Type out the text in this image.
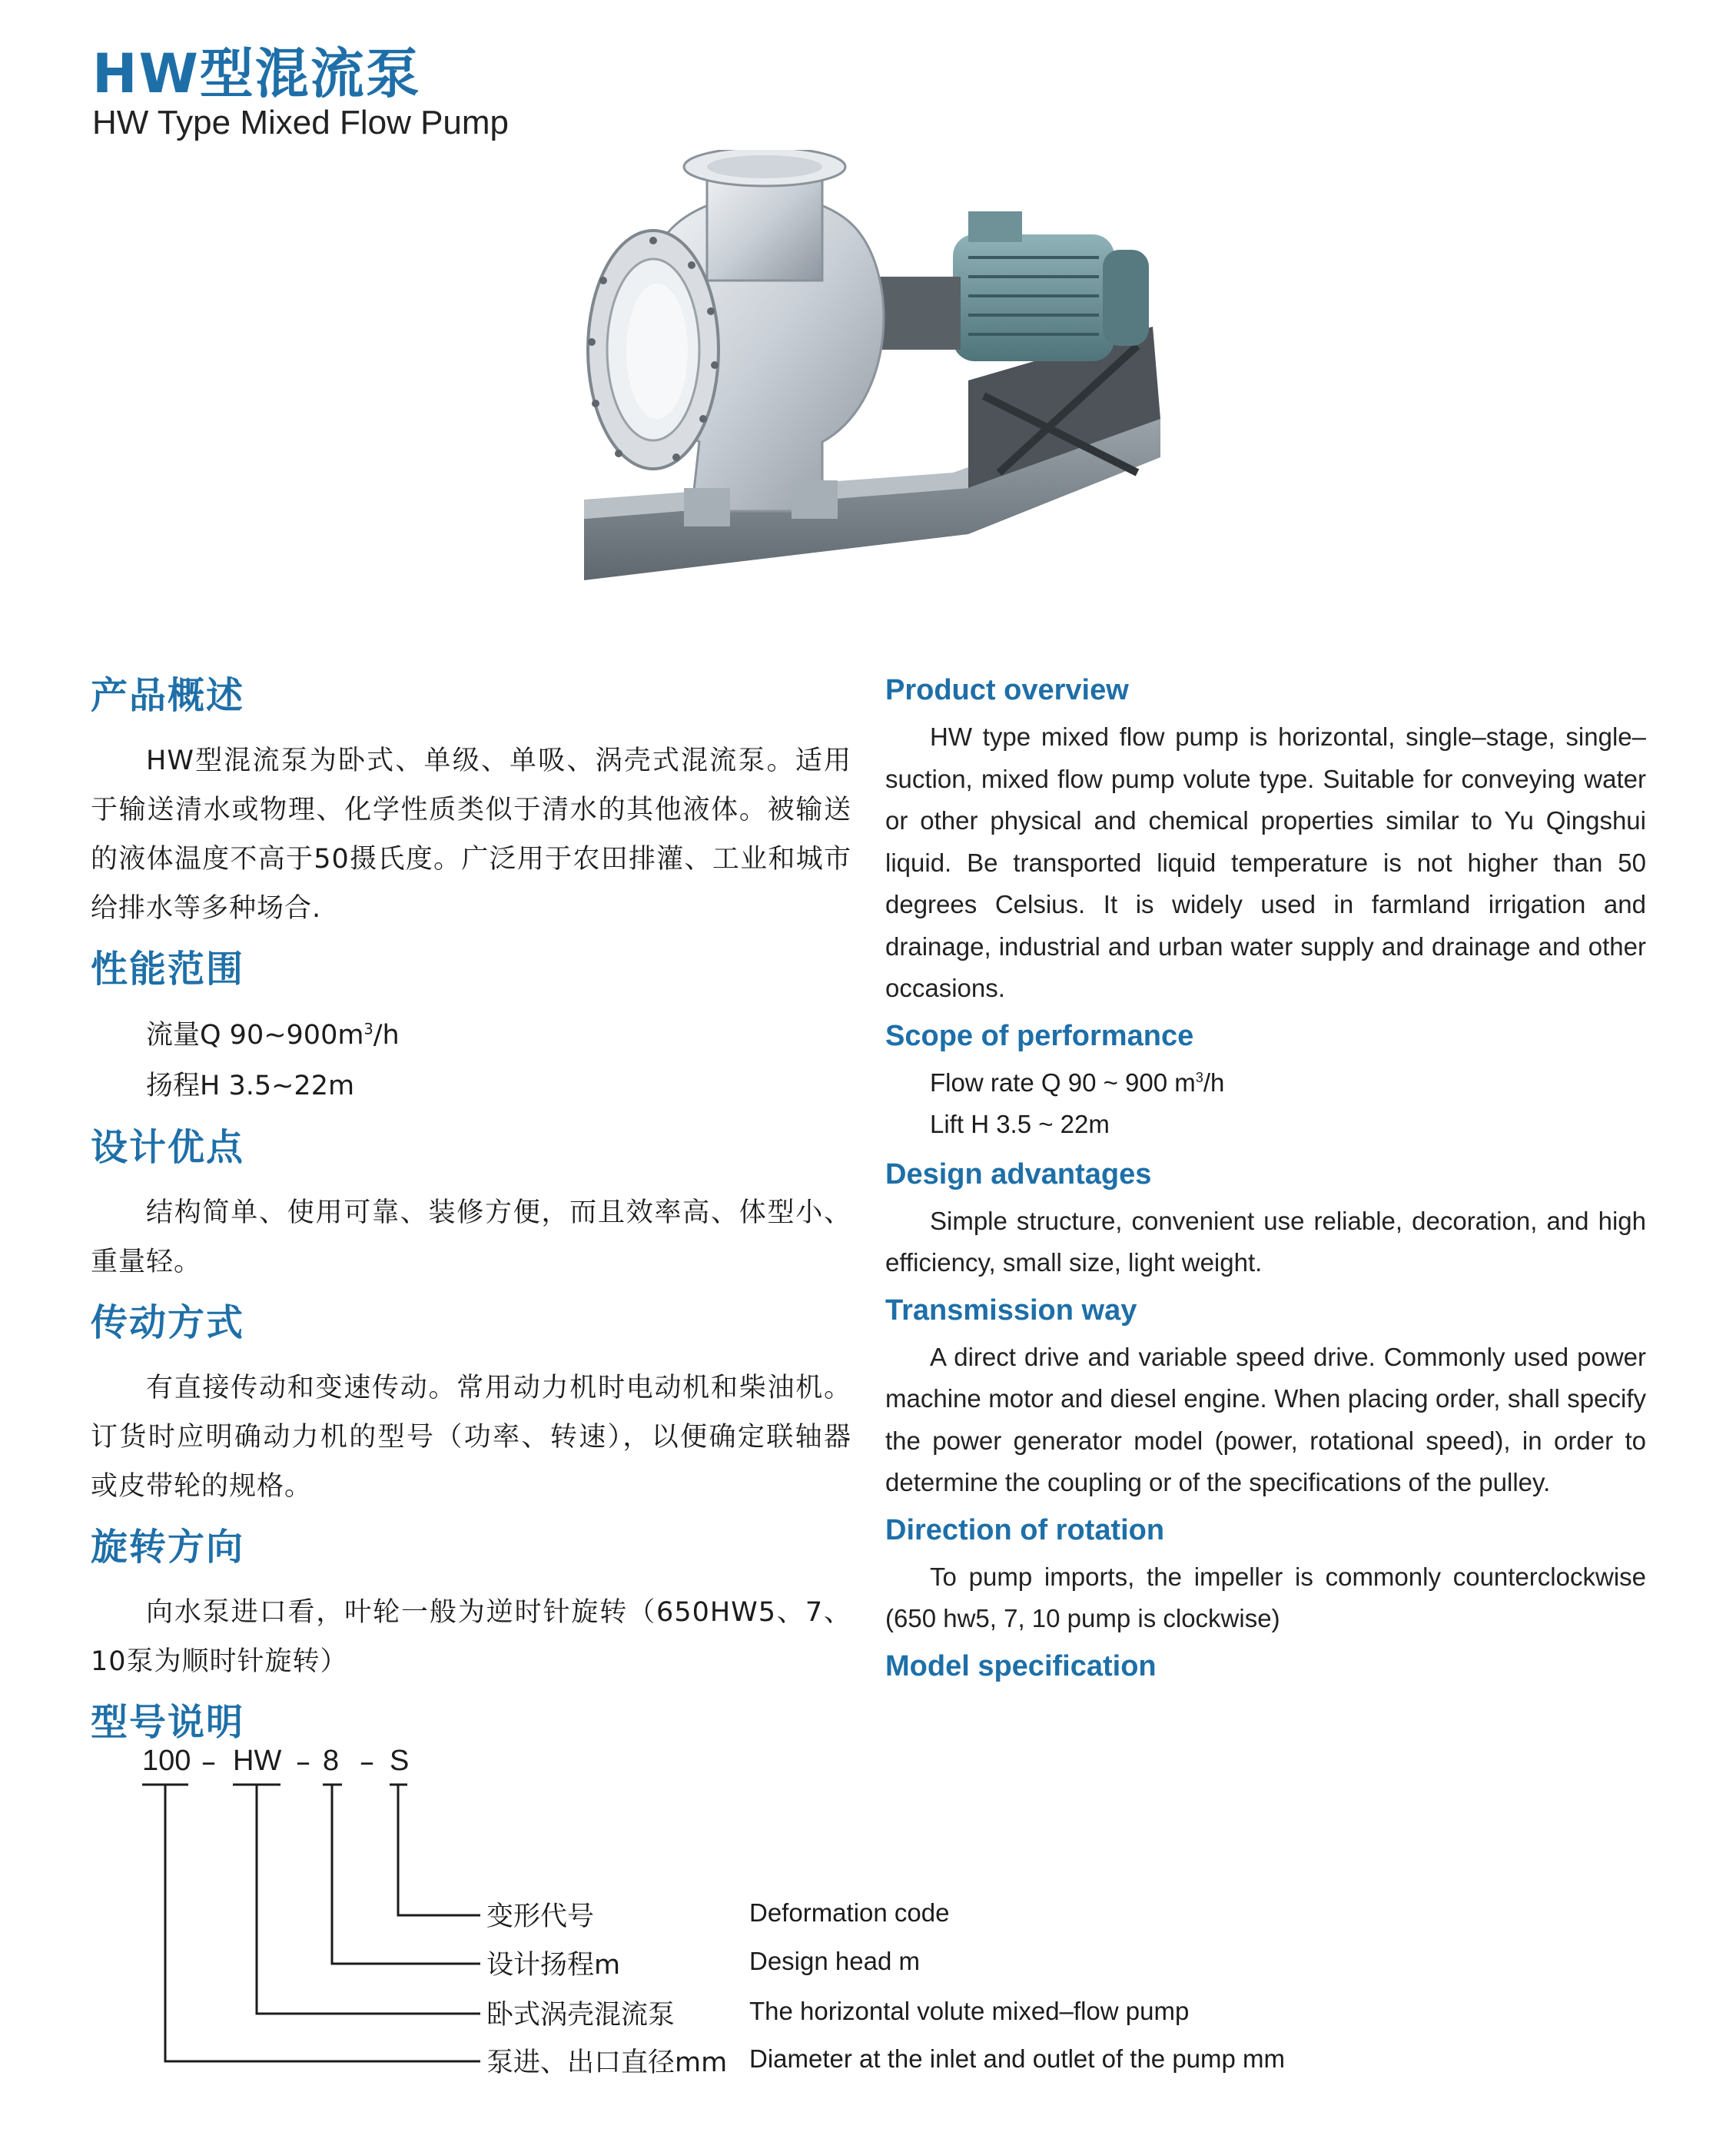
HW型混流泵
HW Type Mixed Flow Pump
产品概述

HW型混流泵为卧式、单级、单吸、涡壳式混流泵。适用于输送清水或物理、化学性质类似于清水的其他液体。被输送的液体温度不高于50摄氏度。广泛用于农田排灌、工业和城市给排水等多种场合.

性能范围
流量Q $90\sim 900m^3/h$
扬程H 3.5~22m
设计优点

结构简单、使用可靠、装修方便，而且效率高、体型小、重量轻。

传动方式

有直接传动和变速传动。常用动力机时电动机和柴油机。订货时应明确动力机的型号（功率、转速），以便确定联轴器或皮带轮的规格。

旋转方向

向水泵进口看，叶轮一般为逆时针旋转（650HW5、7、10泵为顺时针旋转）

型号说明
Product overview

HW type mixed flow pump is horizontal, single–stage, single–suction, mixed flow pump volute type. Suitable for conveying water or other physical and chemical properties similar to Yu Qingshui liquid. Be transported liquid temperature is not higher than 50 degrees Celsius. It is widely used in farmland irrigation and drainage, industrial and urban water supply and drainage and other occasions.

Scope of performance
Flow rate Q 90 ~ 900 $m^3/h$
Lift H 3.5 ~ 22m
Design advantages

Simple structure, convenient use reliable, decoration, and high efficiency, small size, light weight.

Transmission way

A direct drive and variable speed drive. Commonly used power machine motor and diesel engine. When placing order, shall specify the power generator model (power, rotational speed), in order to determine the coupling or of the specifications of the pulley.

Direction of rotation

To pump imports, the impeller is commonly counterclockwise (650 hw5, 7, 10 pump is clockwise)

Model specification
100 – HW – 8 – S
变形代号	Deformation code
设计扬程m	Design head m
卧式涡壳混流泵	The horizontal volute mixed–flow pump
泵进、出口直径mm Diameter at the inlet and outlet of the pump mm
